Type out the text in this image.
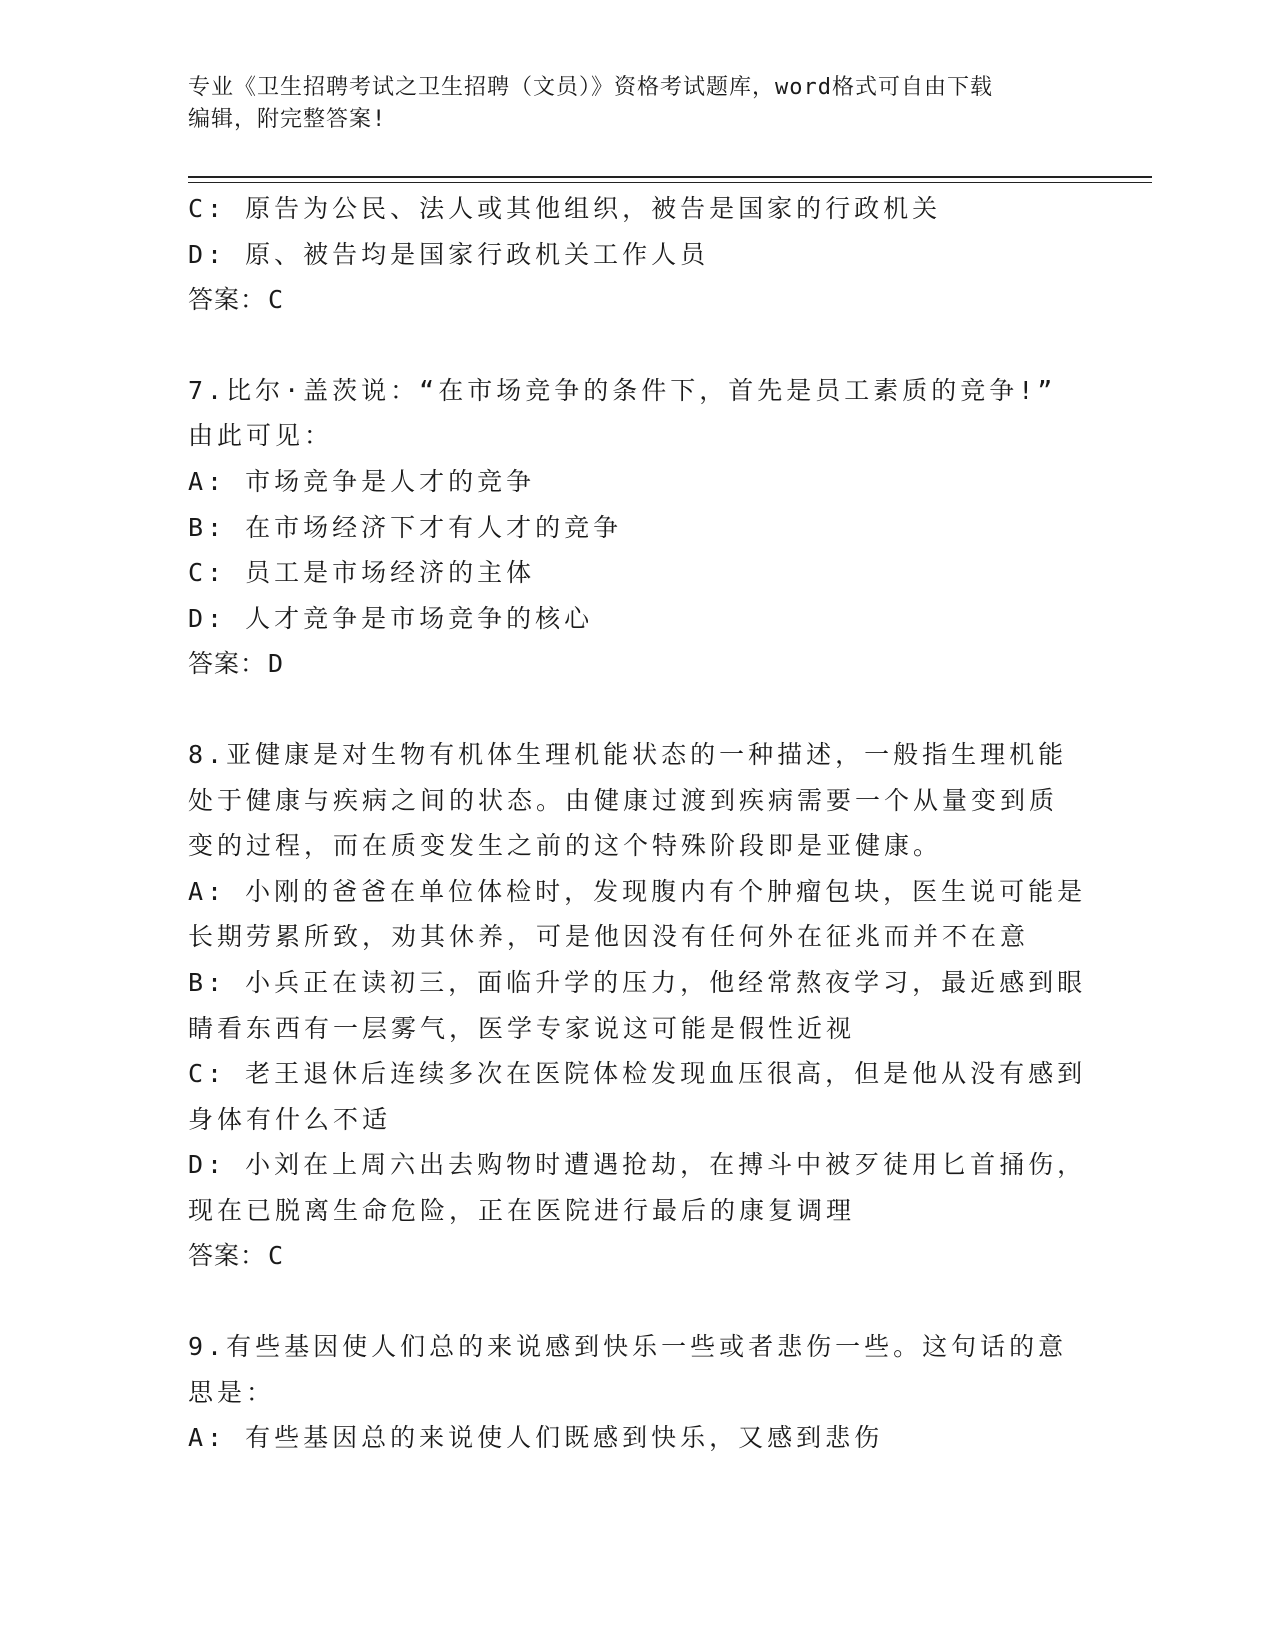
专业《卫生招聘考试之卫生招聘（文员）》资格考试题库，word格式可自由下载
编辑，附完整答案!

C: 原告为公民、法人或其他组织，被告是国家的行政机关

D: 原、被告均是国家行政机关工作人员

答案：C

7.比尔·盖茨说：“在市场竞争的条件下，首先是员工素质的竞争!”

由此可见：

A: 市场竞争是人才的竞争

B: 在市场经济下才有人才的竞争

C: 员工是市场经济的主体

D: 人才竞争是市场竞争的核心

答案：D

8.亚健康是对生物有机体生理机能状态的一种描述，一般指生理机能

处于健康与疾病之间的状态。由健康过渡到疾病需要一个从量变到质

变的过程，而在质变发生之前的这个特殊阶段即是亚健康。

A: 小刚的爸爸在单位体检时，发现腹内有个肿瘤包块，医生说可能是

长期劳累所致，劝其休养，可是他因没有任何外在征兆而并不在意

B: 小兵正在读初三，面临升学的压力，他经常熬夜学习，最近感到眼

睛看东西有一层雾气，医学专家说这可能是假性近视

C: 老王退休后连续多次在医院体检发现血压很高，但是他从没有感到

身体有什么不适

D: 小刘在上周六出去购物时遭遇抢劫，在搏斗中被歹徒用匕首捅伤，

现在已脱离生命危险，正在医院进行最后的康复调理

答案：C

9.有些基因使人们总的来说感到快乐一些或者悲伤一些。这句话的意

思是：

A: 有些基因总的来说使人们既感到快乐，又感到悲伤
